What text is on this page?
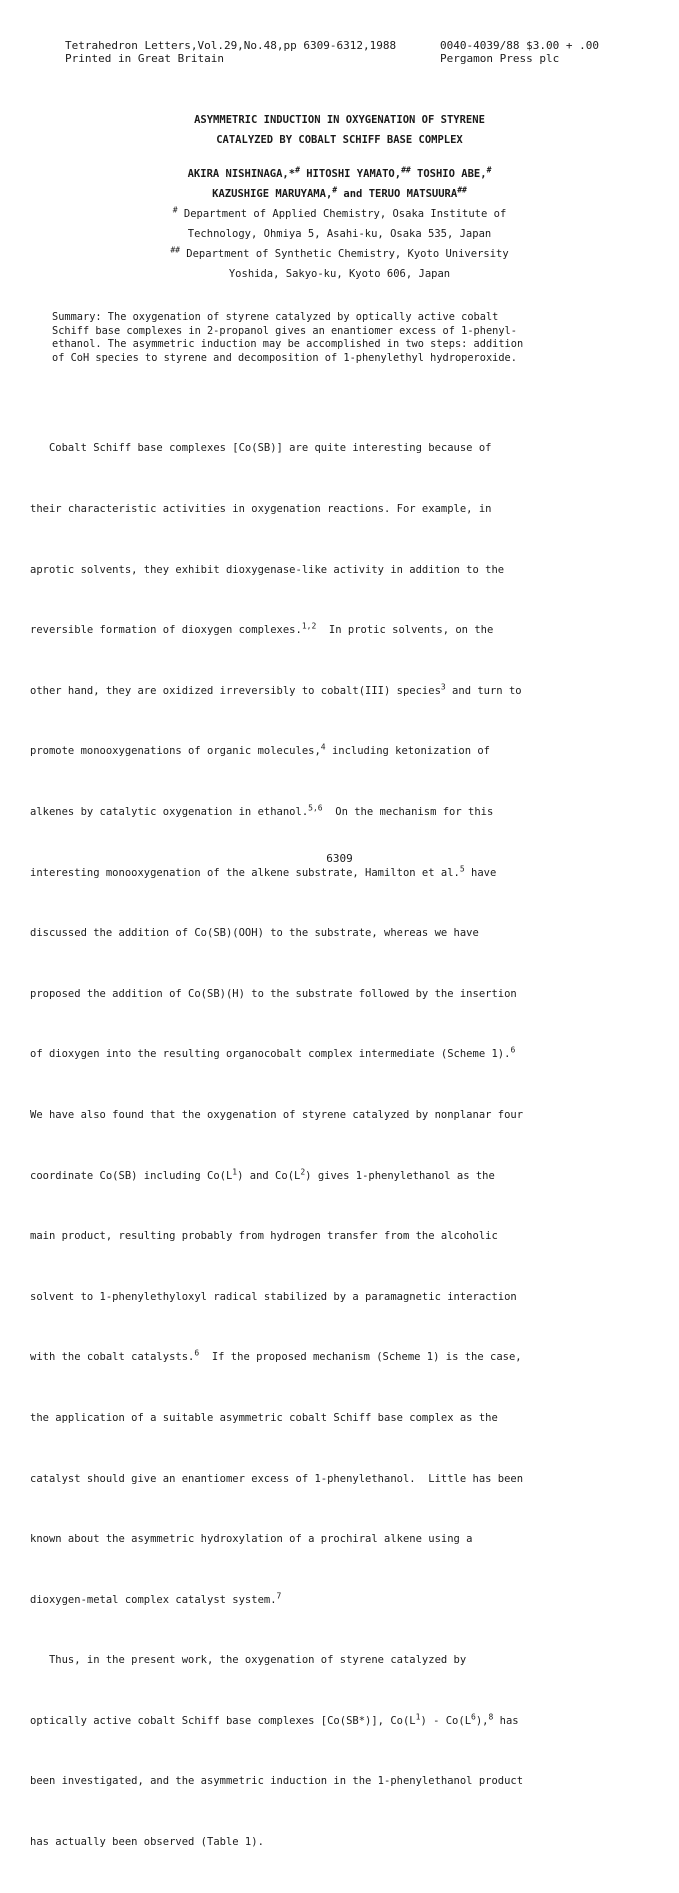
Tetrahedron Letters,Vol.29,No.48,pp 6309-6312,1988	0040-4039/88 $3.00 + .00
Printed in Great Britain	Pergamon Press plc
ASYMMETRIC INDUCTION IN OXYGENATION OF STYRENE
CATALYZED BY COBALT SCHIFF BASE COMPLEX
AKIRA NISHINAGA,*# HITOSHI YAMATO,## TOSHIO ABE,#
KAZUSHIGE MARUYAMA,# and TERUO MATSUURA##
# Department of Applied Chemistry, Osaka Institute of
Technology, Ohmiya 5, Asahi-ku, Osaka 535, Japan
## Department of Synthetic Chemistry, Kyoto University
Yoshida, Sakyo-ku, Kyoto 606, Japan
Summary: The oxygenation of styrene catalyzed by optically active cobalt
Schiff base complexes in 2-propanol gives an enantiomer excess of 1-phenyl-
ethanol. The asymmetric induction may be accomplished in two steps: addition
of CoH species to styrene and decomposition of 1-phenylethyl hydroperoxide.

Cobalt Schiff base complexes [Co(SB)] are quite interesting because of

their characteristic activities in oxygenation reactions. For example, in

aprotic solvents, they exhibit dioxygenase-like activity in addition to the

reversible formation of dioxygen complexes.$^{1,2}$  In protic solvents, on the

other hand, they are oxidized irreversibly to cobalt(III) species$^3$ and turn to

promote monooxygenations of organic molecules,$^4$ including ketonization of

alkenes by catalytic oxygenation in ethanol.$^{5,6}$  On the mechanism for this

interesting monooxygenation of the alkene substrate, Hamilton et al.$^5$ have

discussed the addition of Co(SB)(OOH) to the substrate, whereas we have

proposed the addition of Co(SB)(H) to the substrate followed by the insertion

of dioxygen into the resulting organocobalt complex intermediate (Scheme 1).$^6$

We have also found that the oxygenation of styrene catalyzed by nonplanar four

coordinate Co(SB) including $Co(L^1)$ and $Co(L^2)$ gives 1-phenylethanol as the

main product, resulting probably from hydrogen transfer from the alcoholic

solvent to 1-phenylethyloxyl radical stabilized by a paramagnetic interaction

with the cobalt catalysts.$^6$  If the proposed mechanism (Scheme 1) is the case,

the application of a suitable asymmetric cobalt Schiff base complex as the

catalyst should give an enantiomer excess of 1-phenylethanol.  Little has been

known about the asymmetric hydroxylation of a prochiral alkene using a

dioxygen-metal complex catalyst system.$^7$

Thus, in the present work, the oxygenation of styrene catalyzed by

optically active cobalt Schiff base complexes [Co(SB*)], $Co(L^1) - Co(L^6),^8$ has

been investigated, and the asymmetric induction in the 1-phenylethanol product

has actually been observed (Table 1).

6309
